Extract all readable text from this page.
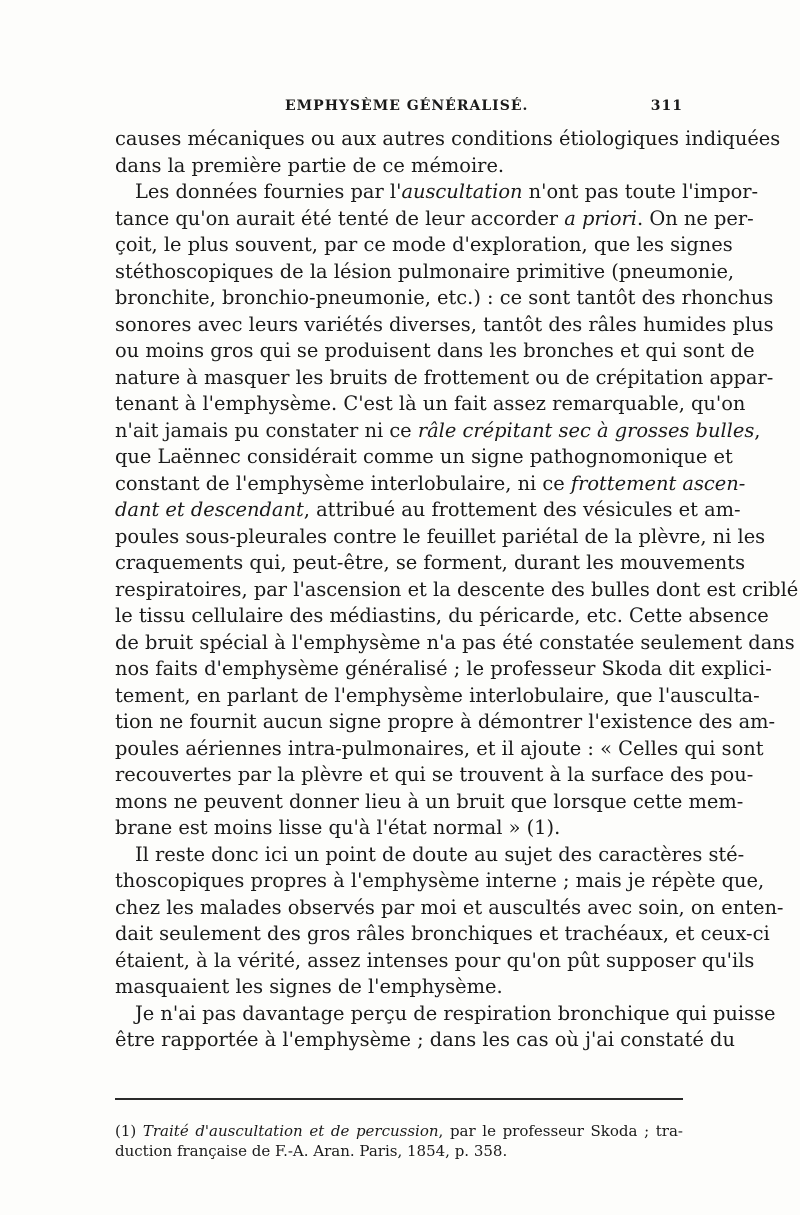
EMPHYSÈME GÉNÉRALISÉ.	311
causes mécaniques ou aux autres conditions étiologiques indiquées
dans la première partie de ce mémoire.
Les données fournies par l'auscultation n'ont pas toute l'impor-
tance qu'on aurait été tenté de leur accorder a priori. On ne per-
çoit, le plus souvent, par ce mode d'exploration, que les signes
stéthoscopiques de la lésion pulmonaire primitive (pneumonie,
bronchite, bronchio-pneumonie, etc.) : ce sont tantôt des rhonchus
sonores avec leurs variétés diverses, tantôt des râles humides plus
ou moins gros qui se produisent dans les bronches et qui sont de
nature à masquer les bruits de frottement ou de crépitation appar-
tenant à l'emphysème. C'est là un fait assez remarquable, qu'on
n'ait jamais pu constater ni ce râle crépitant sec à grosses bulles,
que Laënnec considérait comme un signe pathognomonique et
constant de l'emphysème interlobulaire, ni ce frottement ascen-
dant et descendant, attribué au frottement des vésicules et am-
poules sous-pleurales contre le feuillet pariétal de la plèvre, ni les
craquements qui, peut-être, se forment, durant les mouvements
respiratoires, par l'ascension et la descente des bulles dont est criblé
le tissu cellulaire des médiastins, du péricarde, etc. Cette absence
de bruit spécial à l'emphysème n'a pas été constatée seulement dans
nos faits d'emphysème généralisé ; le professeur Skoda dit explici-
tement, en parlant de l'emphysème interlobulaire, que l'ausculta-
tion ne fournit aucun signe propre à démontrer l'existence des am-
poules aériennes intra-pulmonaires, et il ajoute : « Celles qui sont
recouvertes par la plèvre et qui se trouvent à la surface des pou-
mons ne peuvent donner lieu à un bruit que lorsque cette mem-
brane est moins lisse qu'à l'état normal » (1).
Il reste donc ici un point de doute au sujet des caractères sté-
thoscopiques propres à l'emphysème interne ; mais je répète que,
chez les malades observés par moi et auscultés avec soin, on enten-
dait seulement des gros râles bronchiques et trachéaux, et ceux-ci
étaient, à la vérité, assez intenses pour qu'on pût supposer qu'ils
masquaient les signes de l'emphysème.
Je n'ai pas davantage perçu de respiration bronchique qui puisse
être rapportée à l'emphysème ; dans les cas où j'ai constaté du
(1) Traité d'auscultation et de percussion, par le professeur Skoda ; tra-
duction française de F.-A. Aran. Paris, 1854, p. 358.
